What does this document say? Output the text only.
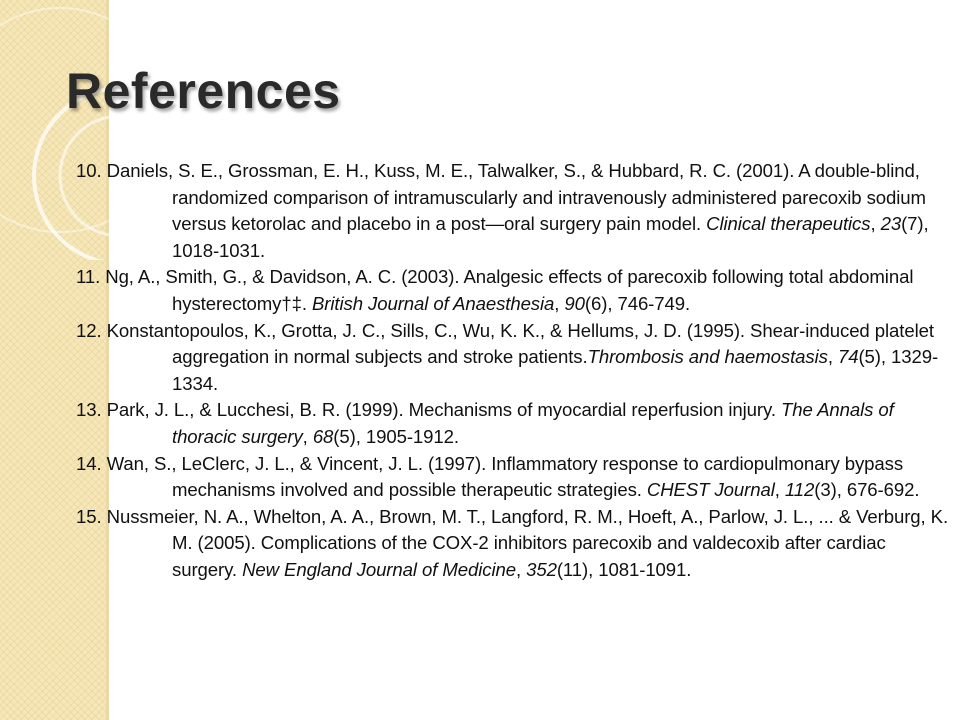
References
10. Daniels, S. E., Grossman, E. H., Kuss, M. E., Talwalker, S., & Hubbard, R. C. (2001). A double-blind, randomized comparison of intramuscularly and intravenously administered parecoxib sodium versus ketorolac and placebo in a post—oral surgery pain model. Clinical therapeutics, 23(7), 1018-1031.
11. Ng, A., Smith, G., & Davidson, A. C. (2003). Analgesic effects of parecoxib following total abdominal hysterectomy†‡. British Journal of Anaesthesia, 90(6), 746-749.
12. Konstantopoulos, K., Grotta, J. C., Sills, C., Wu, K. K., & Hellums, J. D. (1995). Shear-induced platelet aggregation in normal subjects and stroke patients.Thrombosis and haemostasis, 74(5), 1329-1334.
13. Park, J. L., & Lucchesi, B. R. (1999). Mechanisms of myocardial reperfusion injury. The Annals of thoracic surgery, 68(5), 1905-1912.
14. Wan, S., LeClerc, J. L., & Vincent, J. L. (1997). Inflammatory response to cardiopulmonary bypass mechanisms involved and possible therapeutic strategies. CHEST Journal, 112(3), 676-692.
15. Nussmeier, N. A., Whelton, A. A., Brown, M. T., Langford, R. M., Hoeft, A., Parlow, J. L., ... & Verburg, K. M. (2005). Complications of the COX-2 inhibitors parecoxib and valdecoxib after cardiac surgery. New England Journal of Medicine, 352(11), 1081-1091.
